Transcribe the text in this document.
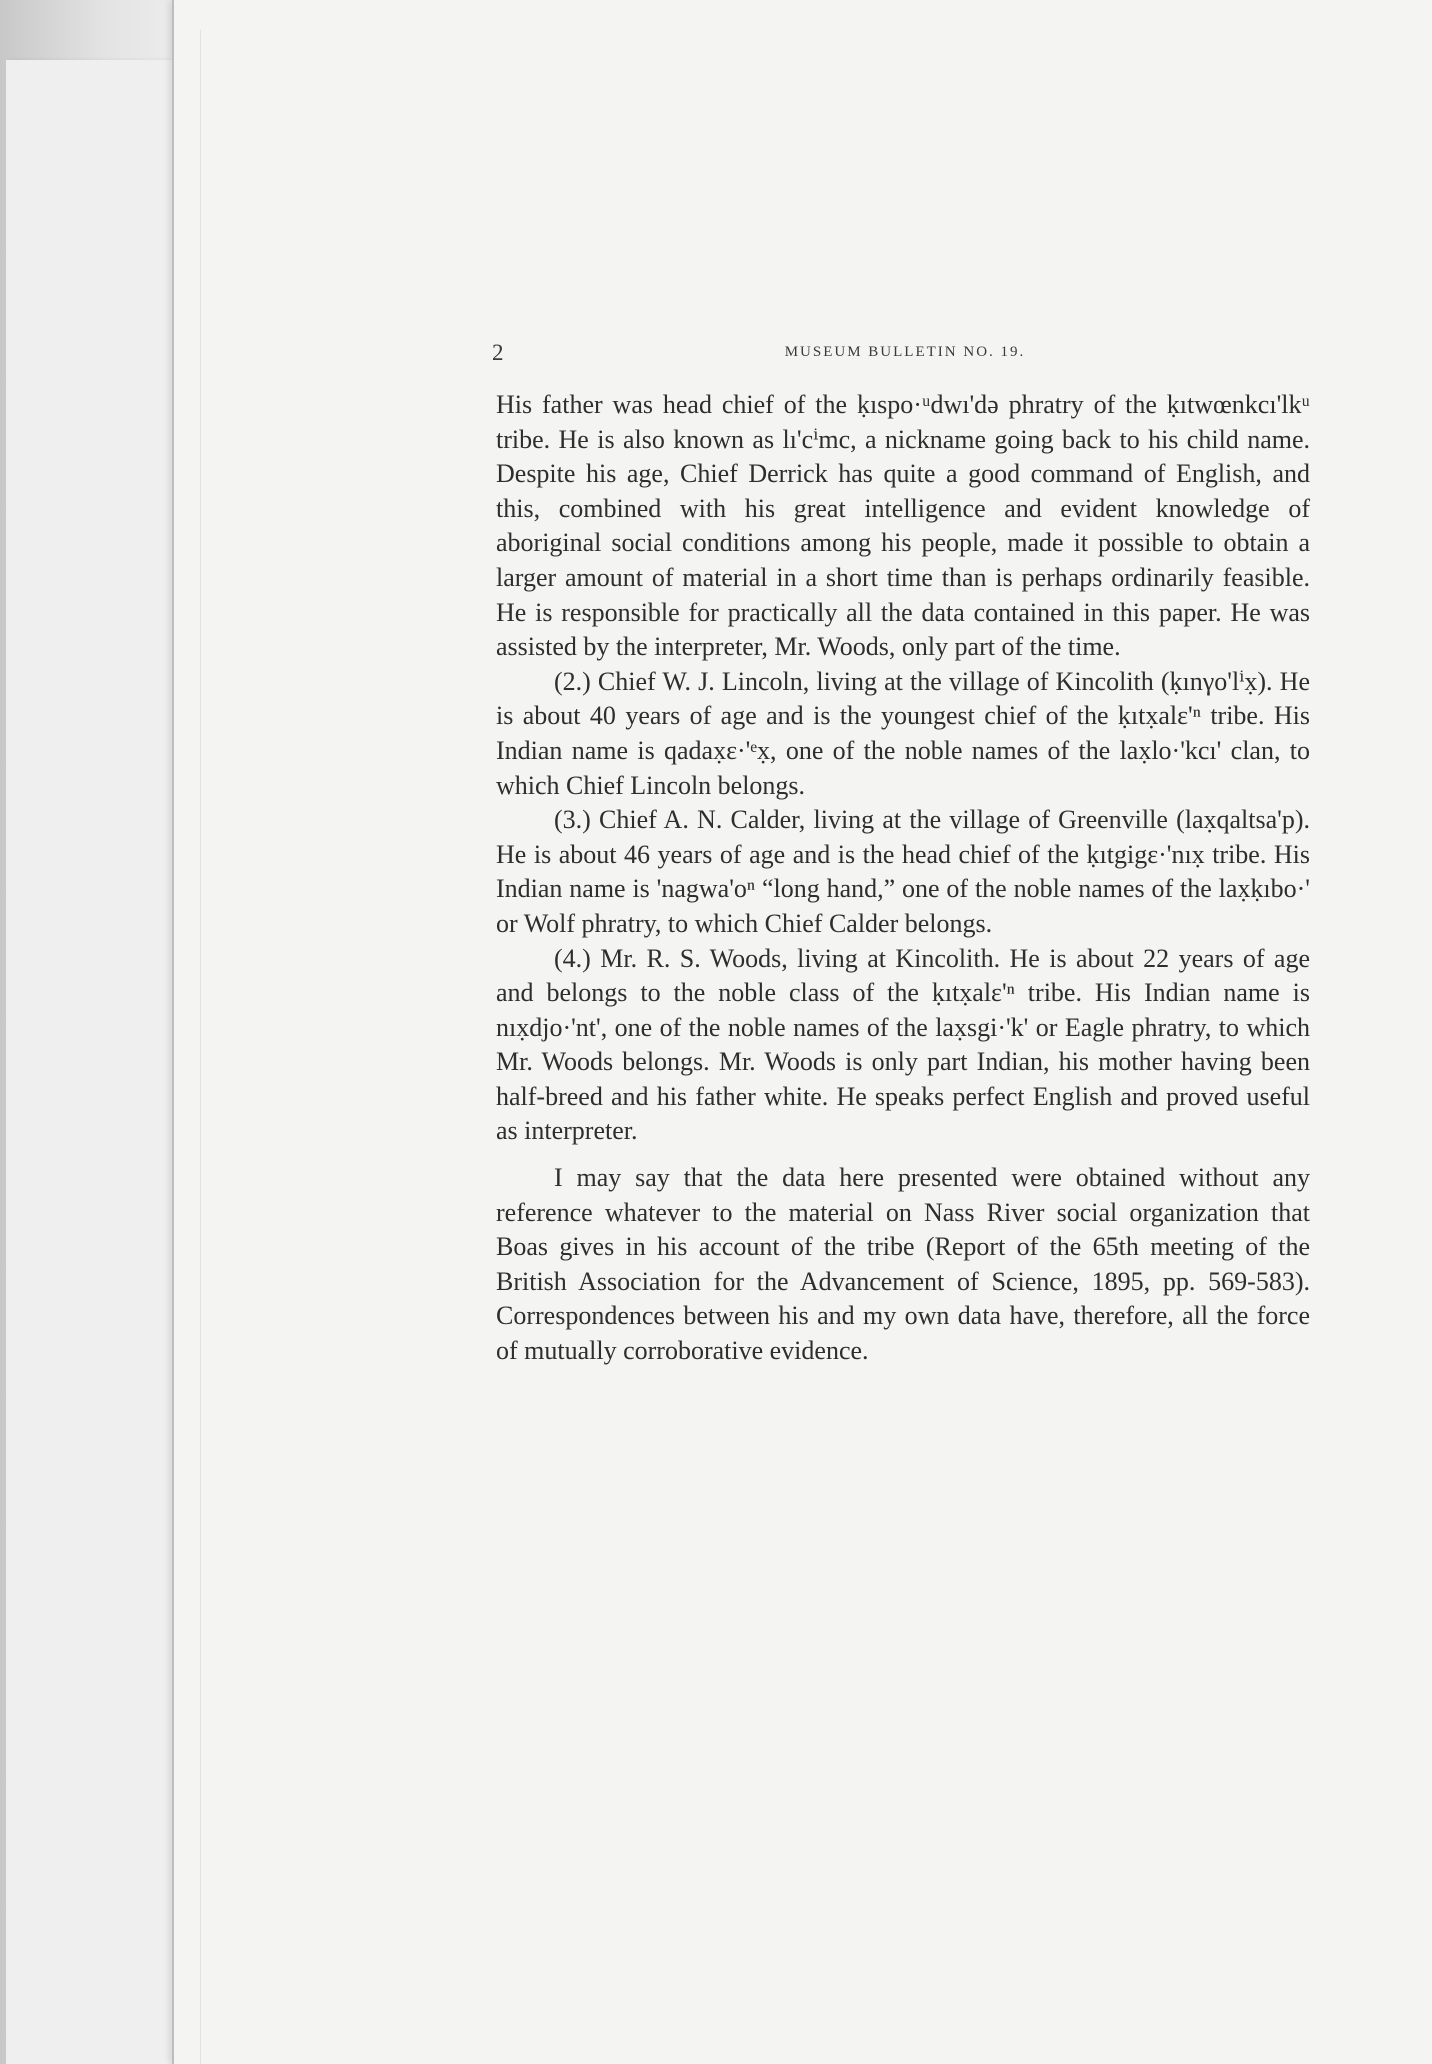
2	MUSEUM BULLETIN NO. 19.

His father was head chief of the ḳıspo·ᵘdwı'də phratry of the ḳıtwœnkcı'lkᵘ tribe. He is also known as lı'cⁱmc, a nickname going back to his child name. Despite his age, Chief Derrick has quite a good command of English, and this, combined with his great intelligence and evident knowledge of aboriginal social conditions among his people, made it possible to obtain a larger amount of material in a short time than is perhaps ordinarily feasible. He is responsible for practically all the data contained in this paper. He was assisted by the interpreter, Mr. Woods, only part of the time.

(2.) Chief W. J. Lincoln, living at the village of Kincolith (ḳınγo'lⁱx̣). He is about 40 years of age and is the youngest chief of the ḳıtx̣alɛ'ⁿ tribe. His Indian name is qadax̣ɛ·'ᵉx̣, one of the noble names of the lax̣lo·'kcı' clan, to which Chief Lincoln belongs.

(3.) Chief A. N. Calder, living at the village of Greenville (lax̣qaltsa'p). He is about 46 years of age and is the head chief of the ḳıtgigɛ·'nıx̣ tribe. His Indian name is 'nagwa'oⁿ “long hand,” one of the noble names of the lax̣ḳıbo·' or Wolf phratry, to which Chief Calder belongs.

(4.) Mr. R. S. Woods, living at Kincolith. He is about 22 years of age and belongs to the noble class of the ḳıtx̣alɛ'ⁿ tribe. His Indian name is nıx̣djo·'nt', one of the noble names of the lax̣sgi·'k' or Eagle phratry, to which Mr. Woods belongs. Mr. Woods is only part Indian, his mother having been half-breed and his father white. He speaks perfect English and proved useful as interpreter.

I may say that the data here presented were obtained without any reference whatever to the material on Nass River social organization that Boas gives in his account of the tribe (Report of the 65th meeting of the British Association for the Advancement of Science, 1895, pp. 569-583). Correspondences between his and my own data have, therefore, all the force of mutually corroborative evidence.
